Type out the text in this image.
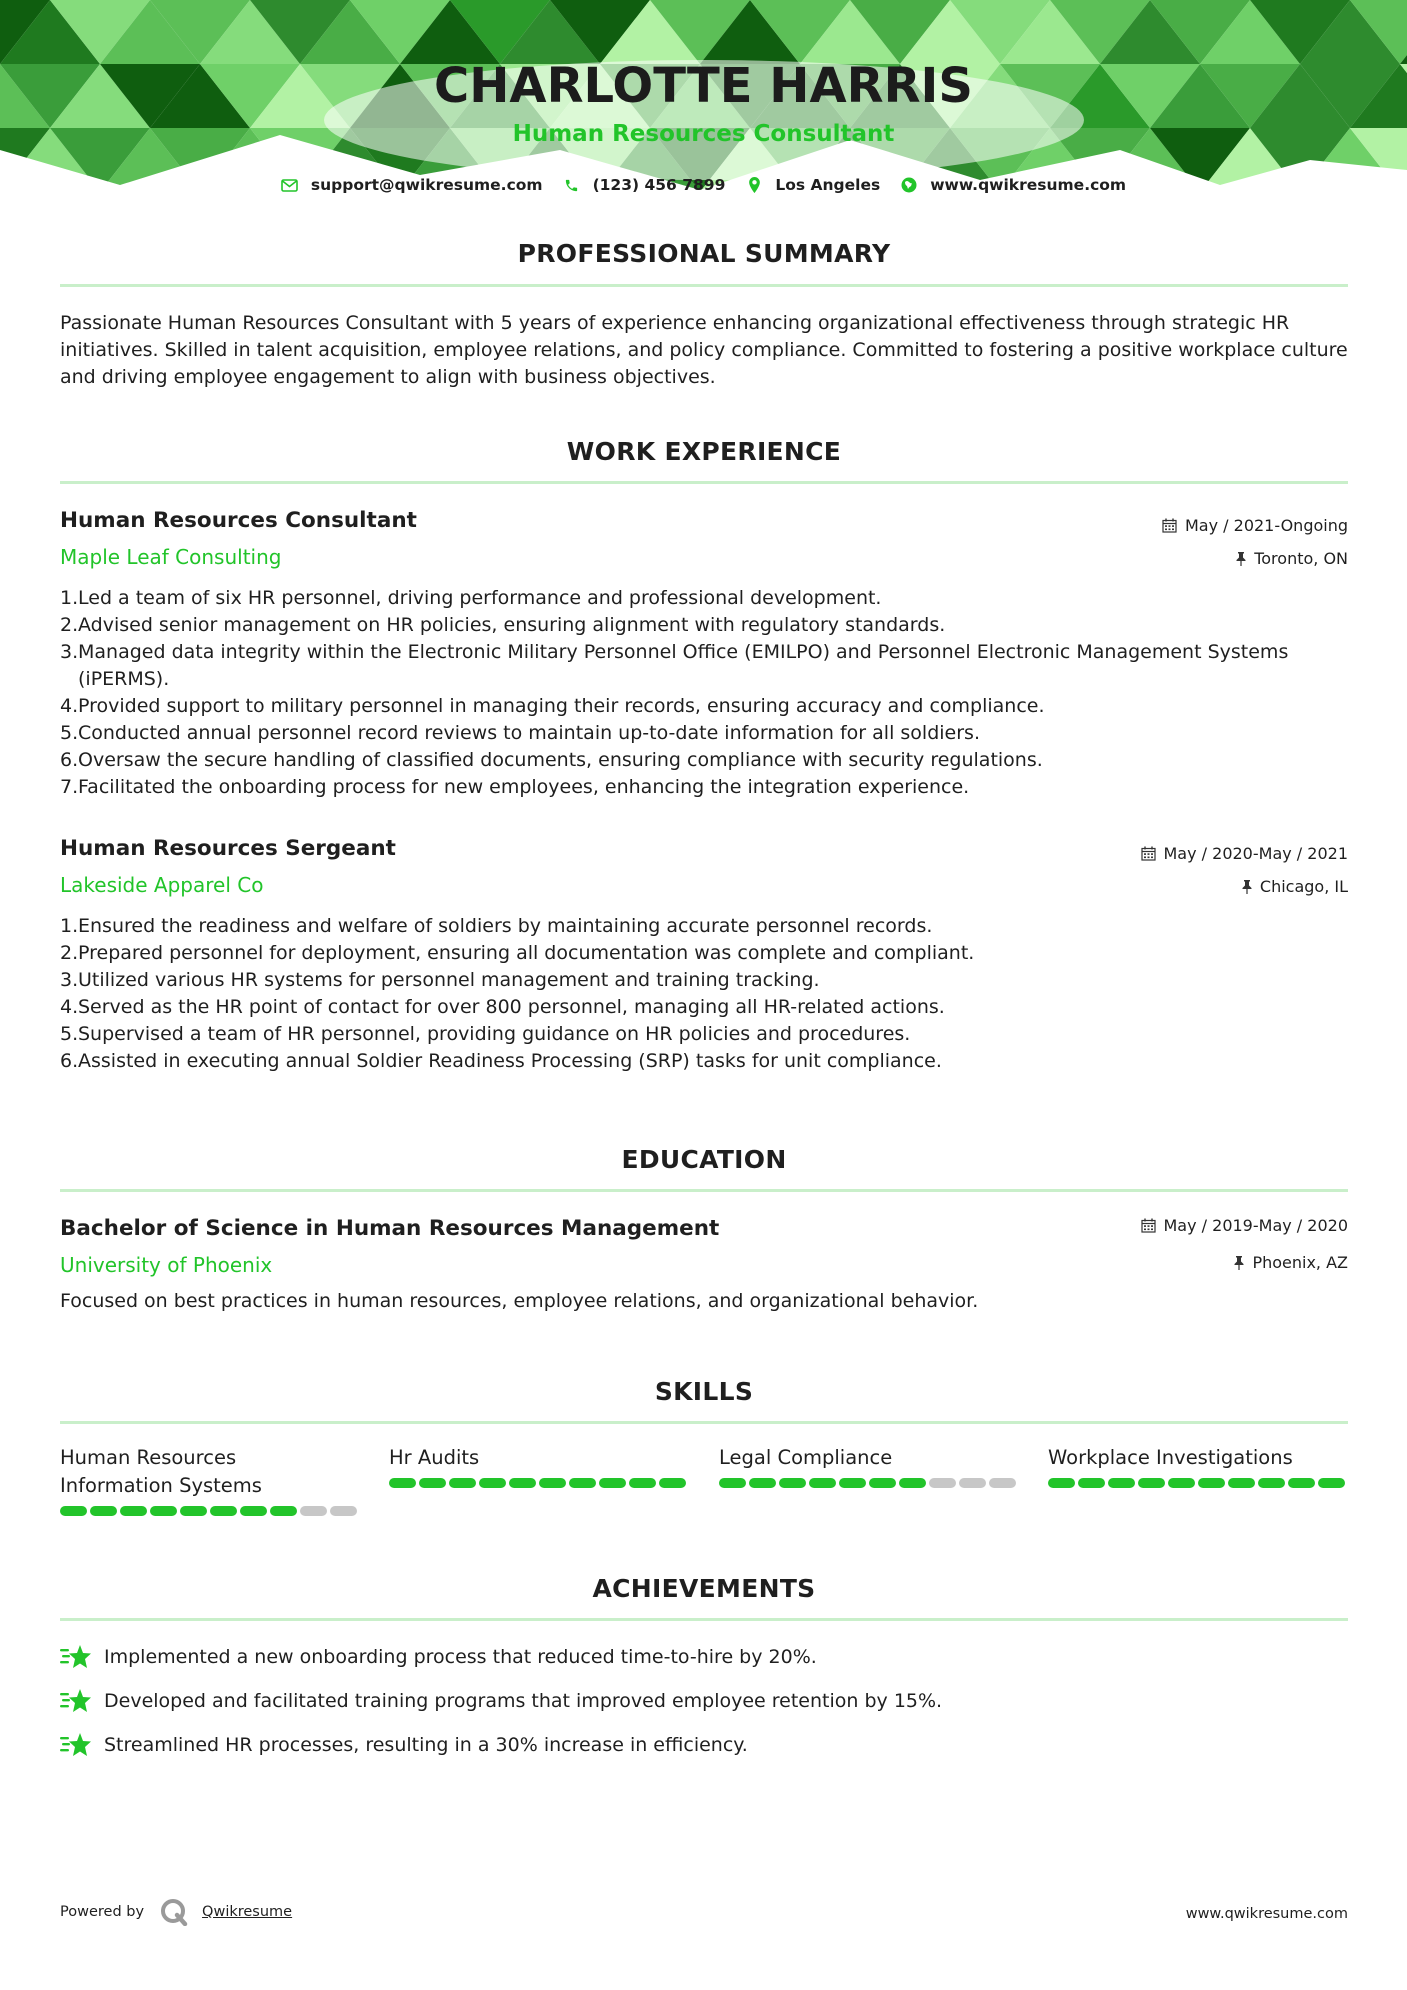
CHARLOTTE HARRIS
Human Resources Consultant
support@qwikresume.com	(123) 456 7899	Los Angeles	www.qwikresume.com
PROFESSIONAL SUMMARY
Passionate Human Resources Consultant with 5 years of experience enhancing organizational effectiveness through strategic HR initiatives. Skilled in talent acquisition, employee relations, and policy compliance. Committed to fostering a positive workplace culture and driving employee engagement to align with business objectives.
WORK EXPERIENCE
Human Resources Consultant	May / 2021-Ongoing
Maple Leaf Consulting	Toronto, ON
1. Led a team of six HR personnel, driving performance and professional development.
2. Advised senior management on HR policies, ensuring alignment with regulatory standards.
3. Managed data integrity within the Electronic Military Personnel Office (EMILPO) and Personnel Electronic Management Systems (iPERMS).
4. Provided support to military personnel in managing their records, ensuring accuracy and compliance.
5. Conducted annual personnel record reviews to maintain up-to-date information for all soldiers.
6. Oversaw the secure handling of classified documents, ensuring compliance with security regulations.
7. Facilitated the onboarding process for new employees, enhancing the integration experience.
Human Resources Sergeant	May / 2020-May / 2021
Lakeside Apparel Co	Chicago, IL
1. Ensured the readiness and welfare of soldiers by maintaining accurate personnel records.
2. Prepared personnel for deployment, ensuring all documentation was complete and compliant.
3. Utilized various HR systems for personnel management and training tracking.
4. Served as the HR point of contact for over 800 personnel, managing all HR-related actions.
5. Supervised a team of HR personnel, providing guidance on HR policies and procedures.
6. Assisted in executing annual Soldier Readiness Processing (SRP) tasks for unit compliance.
EDUCATION
Bachelor of Science in Human Resources Management	May / 2019-May / 2020
University of Phoenix	Phoenix, AZ
Focused on best practices in human resources, employee relations, and organizational behavior.
SKILLS
Human Resources Information Systems
Hr Audits	Legal Compliance	Workplace Investigations
ACHIEVEMENTS
Implemented a new onboarding process that reduced time-to-hire by 20%.
Developed and facilitated training programs that improved employee retention by 15%.
Streamlined HR processes, resulting in a 30% increase in efficiency.
Powered by	Qwikresume	www.qwikresume.com
